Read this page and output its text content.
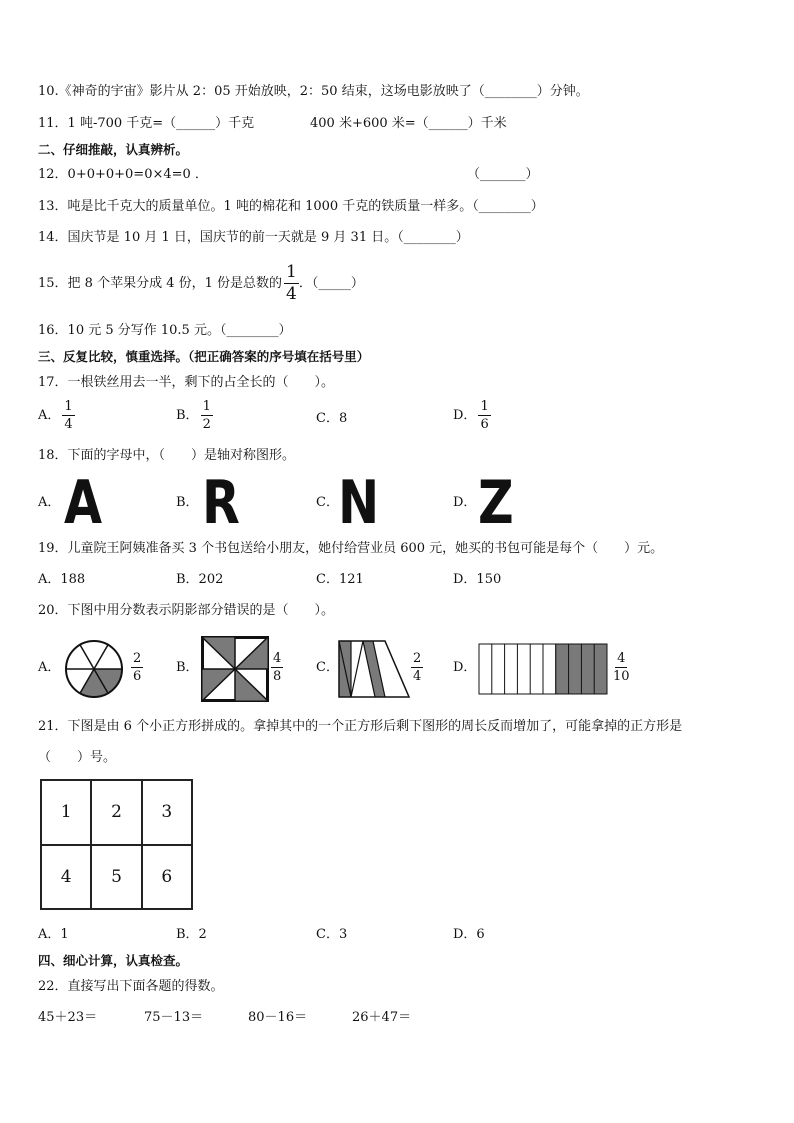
10.《神奇的宇宙》影片从 2：05 开始放映，2：50 结束，这场电影放映了（________）分钟。
11．1 吨-700 千克=（______）千克	400 米+600 米=（______）千米
二、仔细推敲，认真辨析。
12．0+0+0+0=0×4=0 ．	（_______）
13．吨是比千克大的质量单位。1 吨的棉花和 1000 千克的铁质量一样多。（________）
14．国庆节是 10 月 1 日，国庆节的前一天就是 9 月 31 日。（________）
15．把 8 个苹果分成 4 份，1 份是总数的 $\frac{1}{4}$ ．（_____）
16．10 元 5 分写作 10.5 元。（________）
三、反复比较，慎重选择。（把正确答案的序号填在括号里）
17．一根铁丝用去一半，剩下的占全长的（　　）。
A． $\frac{1}{4}$	B． $\frac{1}{2}$	C．8	D． $\frac{1}{6}$
18．下面的字母中，（　　）是轴对称图形。
A． A	B． R	C． N	D． Z
19．儿童院王阿姨准备买 3 个书包送给小朋友，她付给营业员 600 元，她买的书包可能是每个（　　）元。
A．188	B．202	C．121	D．150
20．下图中用分数表示阴影部分错误的是（　　）。
A．	$\frac{2}{6}$	B．	$\frac{4}{8}$	C．	$\frac{2}{4}$ D．	$\frac{4}{10}$
21．下图是由 6 个小正方形拼成的。拿掉其中的一个正方形后剩下图形的周长反而增加了，可能拿掉的正方形是
（　　）号。
1	2	3
4	5	6
A．1	B．2	C．3	D．6
四、细心计算，认真检查。
22．直接写出下面各题的得数。
45＋23＝	75－13＝	80－16＝	26＋47＝
